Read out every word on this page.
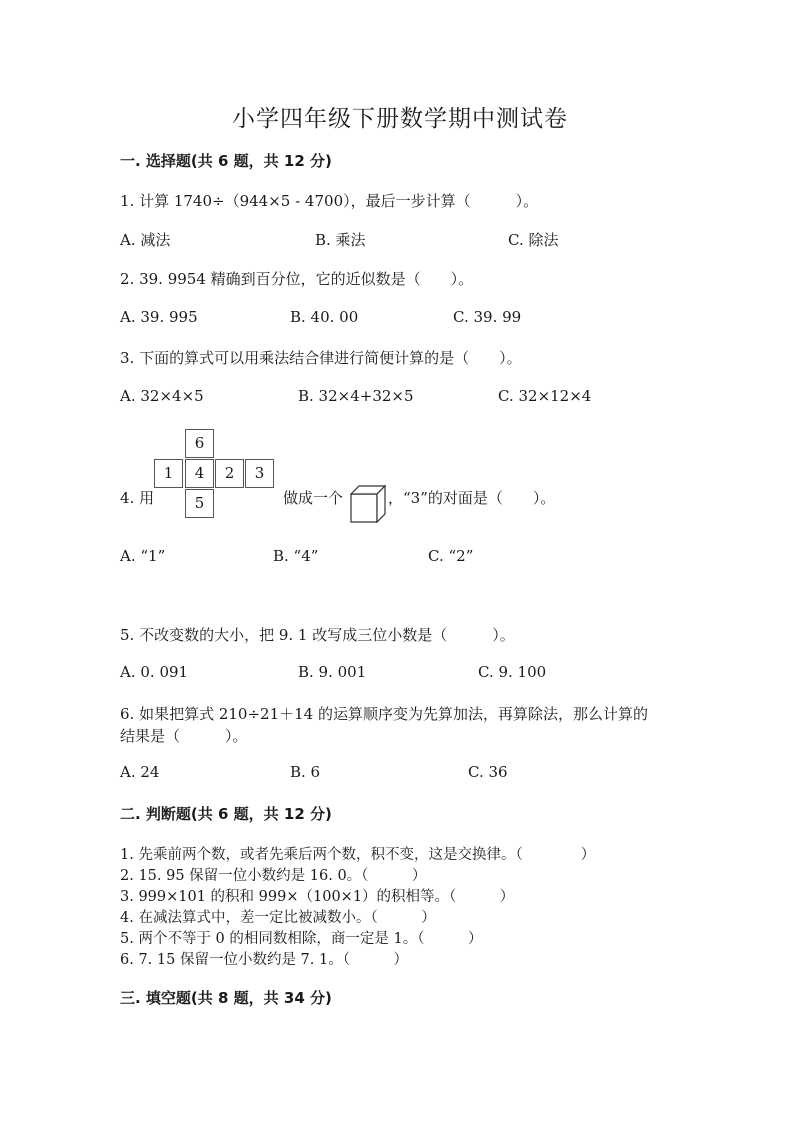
小学四年级下册数学期中测试卷
一. 选择题(共 6 题，共 12 分)
1. 计算 1740÷（944×5 - 4700），最后一步计算（　　　）。
A. 减法	B. 乘法	C. 除法
2. 39. 9954 精确到百分位，它的近似数是（　　）。
A. 39. 995	B. 40. 00	C. 39. 99
3. 下面的算式可以用乘法结合律进行简便计算的是（　　）。
A. 32×4×5	B. 32×4+32×5	C. 32×12×4
6
1	4	2	3
5
4. 用	做成一个	，“3”的对面是（　　）。
A. “1”	B. “4”	C. “2”
5. 不改变数的大小，把 9. 1 改写成三位小数是（　　　）。
A. 0. 091	B. 9. 001	C. 9. 100
6. 如果把算式 210÷21＋14 的运算顺序变为先算加法，再算除法，那么计算的
结果是（　　　）。
A. 24	B. 6	C. 36
二. 判断题(共 6 题，共 12 分)
1. 先乘前两个数，或者先乘后两个数，积不变，这是交换律。（　　　　）
2. 15. 95 保留一位小数约是 16. 0。（　　　）
3. 999×101 的积和 999×（100×1）的积相等。（　　　）
4. 在减法算式中，差一定比被减数小。（　　　）
5. 两个不等于 0 的相同数相除，商一定是 1。（　　　）
6. 7. 15 保留一位小数约是 7. 1。（　　　）
三. 填空题(共 8 题，共 34 分)
